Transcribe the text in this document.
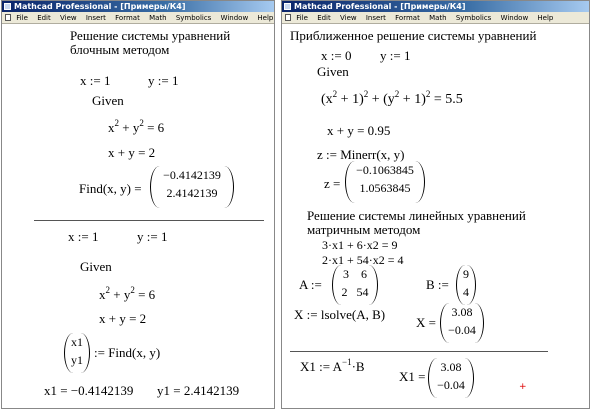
Mathcad Professional - [Примеры/К4]
File Edit View Insert Format Math Symbolics Window Help
Решение системы уравнений
блочным методом
x := 1	y := 1
Given
$x^2 + y^2 = 6$
x + y = 2
Find(x, y) =
−0.4142139
2.4142139
x := 1	y := 1
Given
$x^2 + y^2 = 6$
x + y = 2
x1
y1 := Find(x, y)
x1 = −0.4142139 y1 = 2.4142139
Mathcad Professional - [Примеры/К4]
File Edit View Insert Format Math Symbolics Window Help
Приближенное решение системы уравнений
x := 0 y := 1
Given
$(x^2 + 1)^2 + (y^2 + 1)^2 = 5.5$
x + y = 0.95
z := Minerr(x, y)
z =
−0.1063845
1.0563845
Решение системы линейных уравнений
матричным методом
3·x1 + 6·x2 = 9
2·x1 + 54·x2 = 4
A :=
3    6
2   54	B :=
9
4
X := lsolve(A, B)
X =
3.08
−0.04
X1 := $A^{-1}\cdot B$
X1 =
3.08
−0.04	+
